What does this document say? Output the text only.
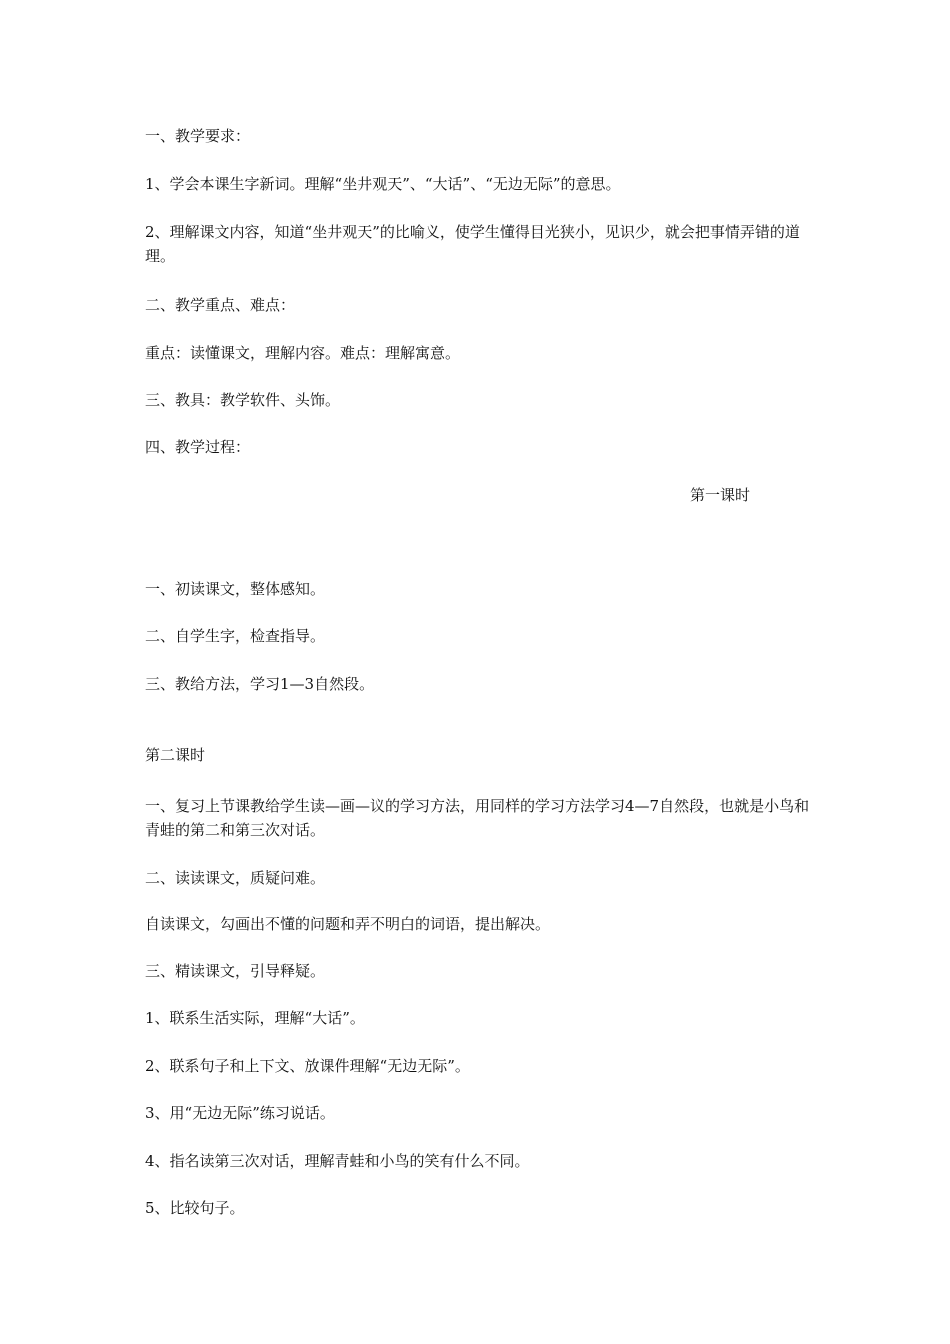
一、教学要求：
1、学会本课生字新词。理解“坐井观天”、“大话”、“无边无际”的意思。
2、理解课文内容，知道“坐井观天”的比喻义，使学生懂得目光狭小，见识少，就会把事情弄错的道理。
二、教学重点、难点：
重点：读懂课文，理解内容。难点：理解寓意。
三、教具：教学软件、头饰。
四、教学过程：
第一课时
一、初读课文，整体感知。
二、自学生字，检查指导。
三、教给方法，学习1—3自然段。
第二课时
一、复习上节课教给学生读—画—议的学习方法，用同样的学习方法学习4—7自然段，也就是小鸟和青蛙的第二和第三次对话。
二、读读课文，质疑问难。
自读课文，勾画出不懂的问题和弄不明白的词语，提出解决。
三、精读课文，引导释疑。
1、联系生活实际，理解“大话”。
2、联系句子和上下文、放课件理解“无边无际”。
3、用“无边无际”练习说话。
4、指名读第三次对话，理解青蛙和小鸟的笑有什么不同。
5、比较句子。
